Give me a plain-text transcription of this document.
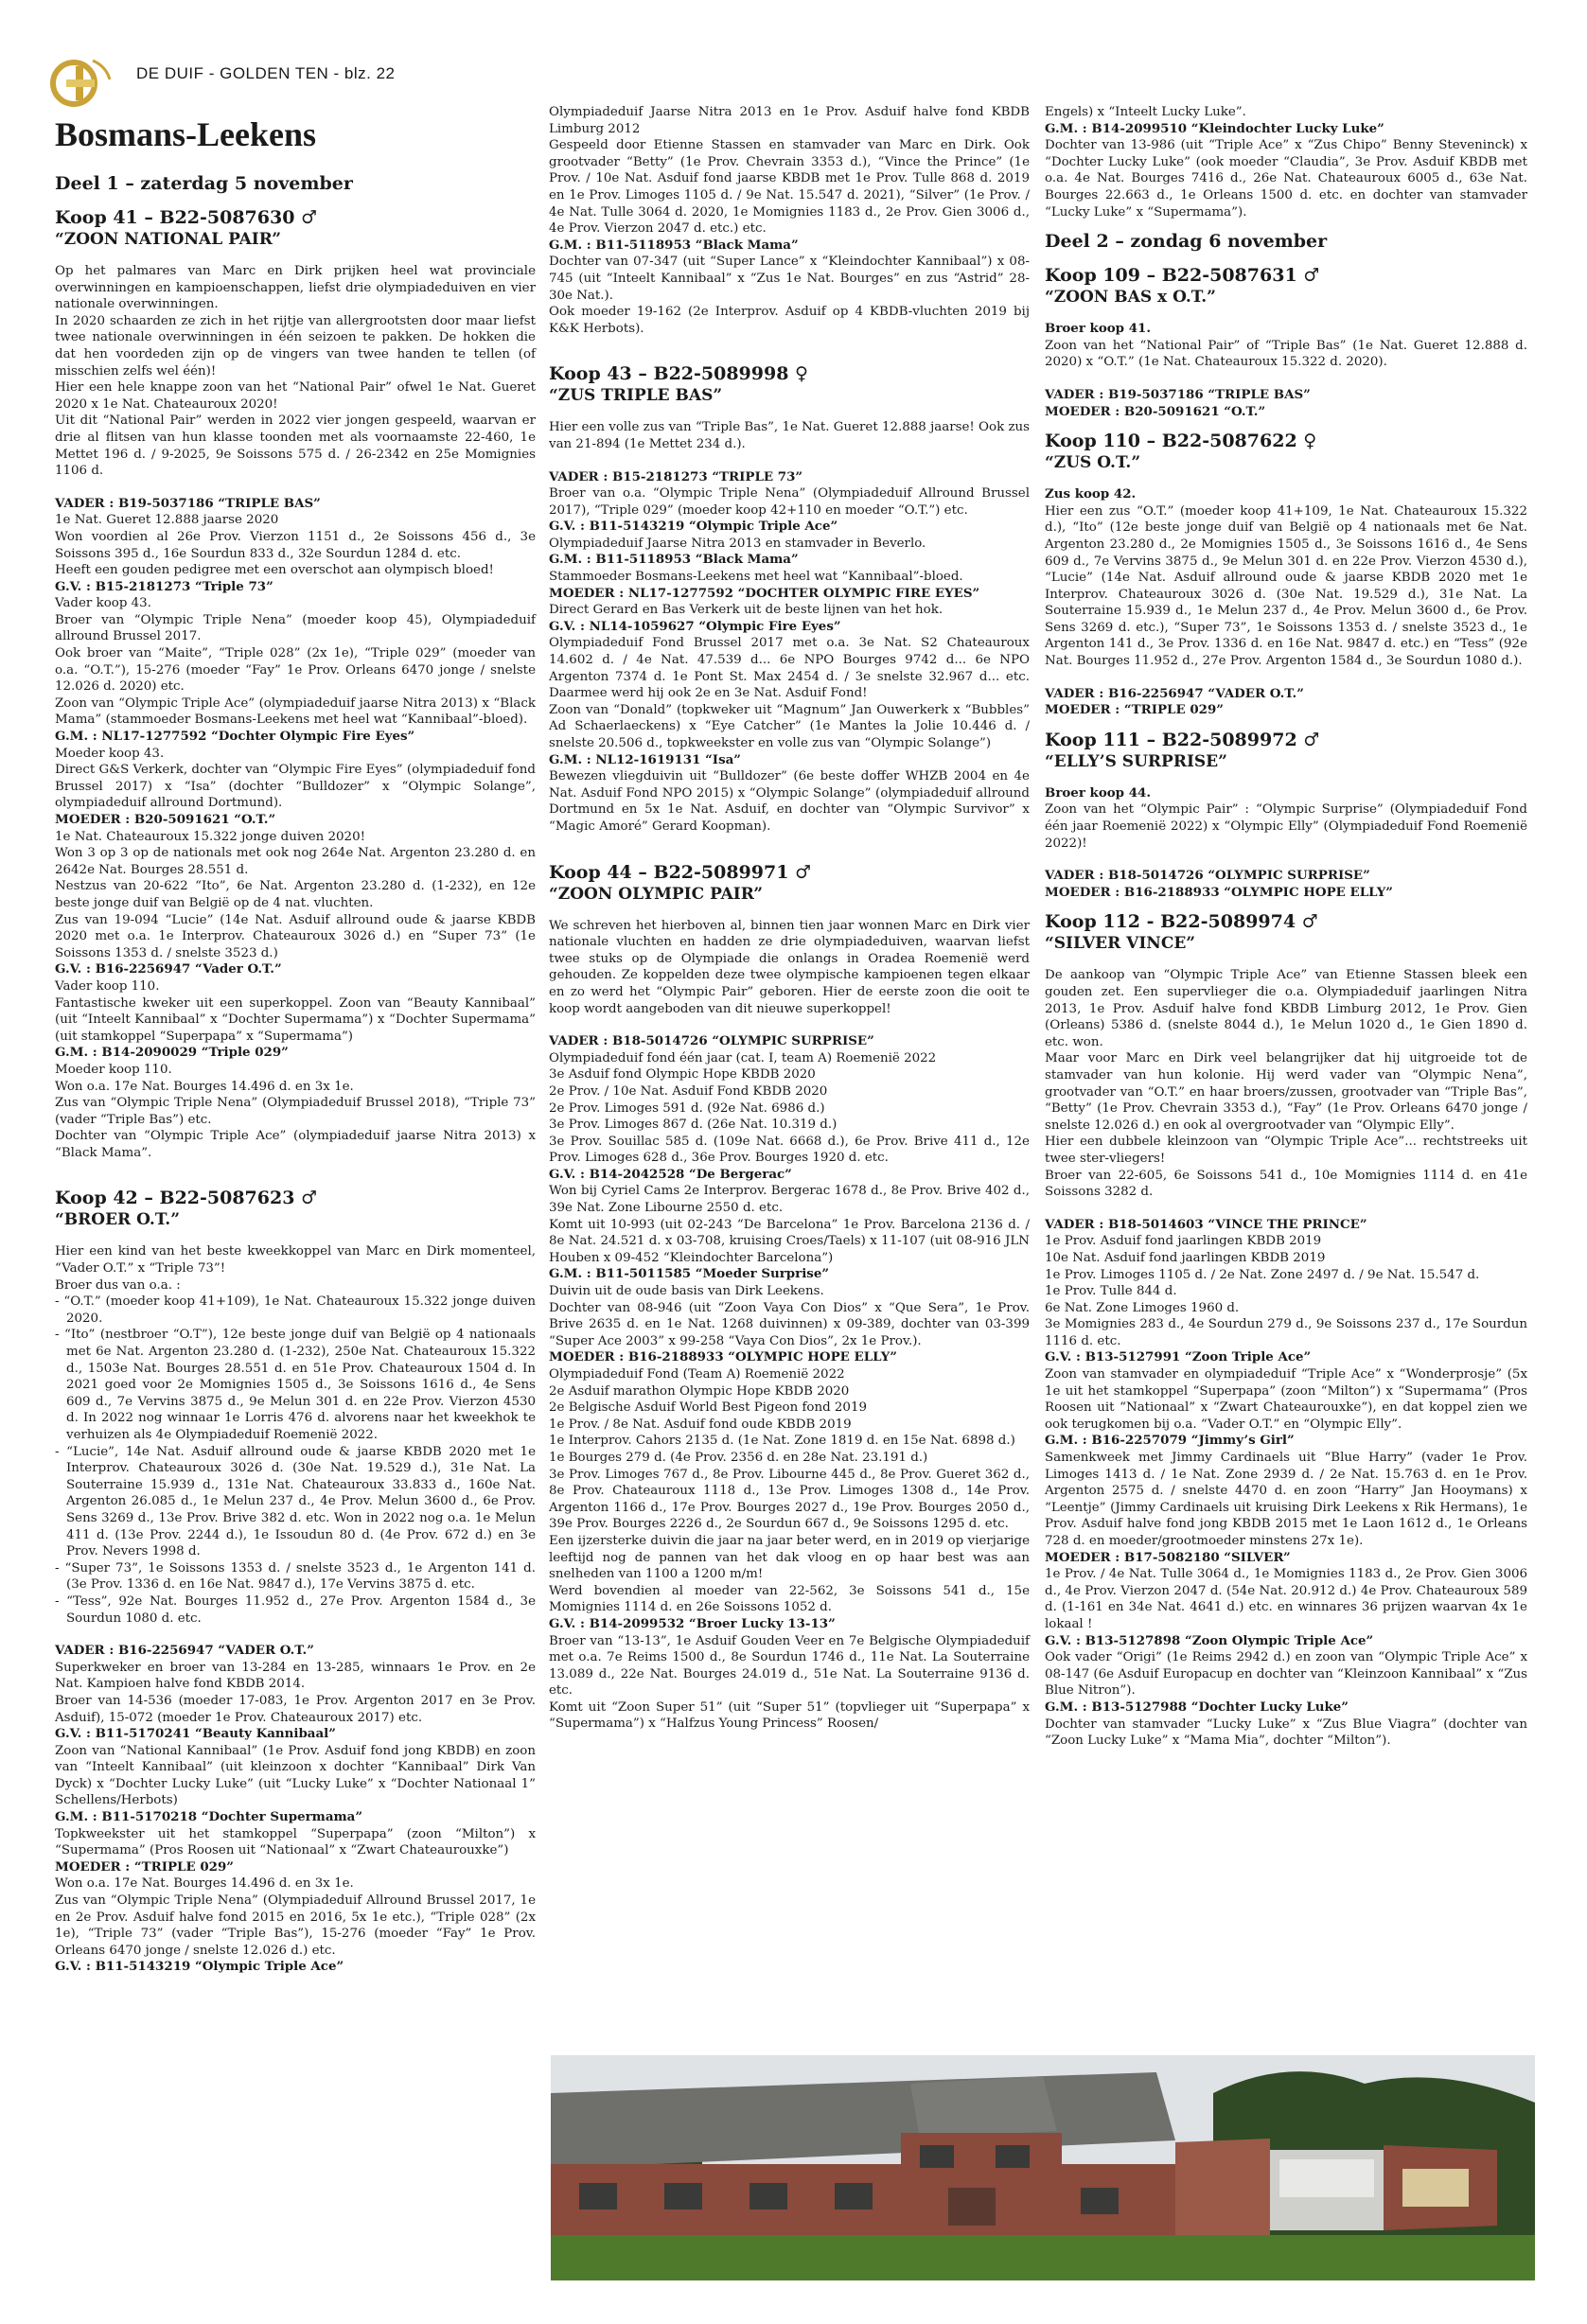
DE DUIF - GOLDEN TEN - blz. 22
Bosmans-Leekens
Deel 1 – zaterdag 5 november
Koop 41 – B22-5087630 ♂
“ZOON NATIONAL PAIR”
Op het palmares van Marc en Dirk prijken heel wat provinciale overwinningen en kampioenschappen, liefst drie olympiadeduiven en vier nationale overwinningen.
In 2020 schaarden ze zich in het rijtje van allergrootsten door maar liefst twee nationale overwinningen in één seizoen te pakken. De hokken die dat hen voordeden zijn op de vingers van twee handen te tellen (of misschien zelfs wel één)!
Hier een hele knappe zoon van het “National Pair” ofwel 1e Nat. Gueret 2020 x 1e Nat. Chateauroux 2020!
Uit dit “National Pair” werden in 2022 vier jongen gespeeld, waarvan er drie al flitsen van hun klasse toonden met als voornaamste 22-460, 1e Mettet 196 d. / 9-2025, 9e Soissons 575 d. / 26-2342 en 25e Momignies 1106 d.
VADER : B19-5037186 “TRIPLE BAS”
1e Nat. Gueret 12.888 jaarse 2020
Won voordien al 26e Prov. Vierzon 1151 d., 2e Soissons 456 d., 3e Soissons 395 d., 16e Sourdun 833 d., 32e Sourdun 1284 d. etc.
Heeft een gouden pedigree met een overschot aan olympisch bloed!
G.V. : B15-2181273 “Triple 73”
Vader koop 43.
Broer van “Olympic Triple Nena” (moeder koop 45), Olympiadeduif allround Brussel 2017.
Ook broer van “Maite”, “Triple 028” (2x 1e), “Triple 029” (moeder van o.a. “O.T.”), 15-276 (moeder “Fay” 1e Prov. Orleans 6470 jonge / snelste 12.026 d. 2020) etc.
Zoon van “Olympic Triple Ace” (olympiadeduif jaarse Nitra 2013) x “Black Mama” (stammoeder Bosmans-Leekens met heel wat “Kannibaal”-bloed).
G.M. : NL17-1277592 “Dochter Olympic Fire Eyes”
Moeder koop 43.
Direct G&S Verkerk, dochter van “Olympic Fire Eyes” (olympiadeduif fond Brussel 2017) x “Isa” (dochter “Bulldozer” x “Olympic Solange”, olympiadeduif allround Dortmund).
MOEDER : B20-5091621 “O.T.”
1e Nat. Chateauroux 15.322 jonge duiven 2020!
Won 3 op 3 op de nationals met ook nog 264e Nat. Argenton 23.280 d. en 2642e Nat. Bourges 28.551 d.
Nestzus van 20-622 “Ito”, 6e Nat. Argenton 23.280 d. (1-232), en 12e beste jonge duif van België op de 4 nat. vluchten.
Zus van 19-094 “Lucie” (14e Nat. Asduif allround oude & jaarse KBDB 2020 met o.a. 1e Interprov. Chateauroux 3026 d.) en “Super 73” (1e Soissons 1353 d. / snelste 3523 d.)
G.V. : B16-2256947 “Vader O.T.”
Vader koop 110.
Fantastische kweker uit een superkoppel. Zoon van “Beauty Kannibaal” (uit “Inteelt Kannibaal” x “Dochter Supermama”) x “Dochter Supermama” (uit stamkoppel “Superpapa” x “Supermama”)
G.M. : B14-2090029 “Triple 029”
Moeder koop 110.
Won o.a. 17e Nat. Bourges 14.496 d. en 3x 1e.
Zus van “Olympic Triple Nena” (Olympiadeduif Brussel 2018), “Triple 73” (vader “Triple Bas”) etc.
Dochter van “Olympic Triple Ace” (olympiadeduif jaarse Nitra 2013) x “Black Mama”.
Koop 42 – B22-5087623 ♂
“BROER O.T.”
Hier een kind van het beste kweekkoppel van Marc en Dirk momenteel, “Vader O.T.” x “Triple 73”!
Broer dus van o.a. :
- “O.T.” (moeder koop 41+109), 1e Nat. Chateauroux 15.322 jonge duiven 2020.
- “Ito” (nestbroer “O.T”), 12e beste jonge duif van België op 4 nationaals met 6e Nat. Argenton 23.280 d. (1-232), 250e Nat. Chateauroux 15.322 d., 1503e Nat. Bourges 28.551 d. en 51e Prov. Chateauroux 1504 d. In 2021 goed voor 2e Momignies 1505 d., 3e Soissons 1616 d., 4e Sens 609 d., 7e Vervins 3875 d., 9e Melun 301 d. en 22e Prov. Vierzon 4530 d. In 2022 nog winnaar 1e Lorris 476 d. alvorens naar het kweekhok te verhuizen als 4e Olympiadeduif Roemenië 2022.
- “Lucie”, 14e Nat. Asduif allround oude & jaarse KBDB 2020 met 1e Interprov. Chateauroux 3026 d. (30e Nat. 19.529 d.), 31e Nat. La Souterraine 15.939 d., 131e Nat. Chateauroux 33.833 d., 160e Nat. Argenton 26.085 d., 1e Melun 237 d., 4e Prov. Melun 3600 d., 6e Prov. Sens 3269 d., 13e Prov. Brive 382 d. etc. Won in 2022 nog o.a. 1e Melun 411 d. (13e Prov. 2244 d.), 1e Issoudun 80 d. (4e Prov. 672 d.) en 3e Prov. Nevers 1998 d.
- “Super 73”, 1e Soissons 1353 d. / snelste 3523 d., 1e Argenton 141 d. (3e Prov. 1336 d. en 16e Nat. 9847 d.), 17e Vervins 3875 d. etc.
- “Tess”, 92e Nat. Bourges 11.952 d., 27e Prov. Argenton 1584 d., 3e Sourdun 1080 d. etc.
VADER : B16-2256947 “VADER O.T.”
Superkweker en broer van 13-284 en 13-285, winnaars 1e Prov. en 2e Nat. Kampioen halve fond KBDB 2014.
Broer van 14-536 (moeder 17-083, 1e Prov. Argenton 2017 en 3e Prov. Asduif), 15-072 (moeder 1e Prov. Chateauroux 2017) etc.
G.V. : B11-5170241 “Beauty Kannibaal”
Zoon van “National Kannibaal” (1e Prov. Asduif fond jong KBDB) en zoon van “Inteelt Kannibaal” (uit kleinzoon x dochter “Kannibaal” Dirk Van Dyck) x “Dochter Lucky Luke” (uit “Lucky Luke” x “Dochter Nationaal 1” Schellens/Herbots)
G.M. : B11-5170218 “Dochter Supermama”
Topkweekster uit het stamkoppel “Superpapa” (zoon “Milton”) x “Supermama” (Pros Roosen uit “Nationaal” x “Zwart Chateaurouxke”)
MOEDER : “TRIPLE 029”
Won o.a. 17e Nat. Bourges 14.496 d. en 3x 1e.
Zus van “Olympic Triple Nena” (Olympiadeduif Allround Brussel 2017, 1e en 2e Prov. Asduif halve fond 2015 en 2016, 5x 1e etc.), “Triple 028” (2x 1e), “Triple 73” (vader “Triple Bas”), 15-276 (moeder “Fay” 1e Prov. Orleans 6470 jonge / snelste 12.026 d.) etc.
G.V. : B11-5143219 “Olympic Triple Ace”
Olympiadeduif Jaarse Nitra 2013 en 1e Prov. Asduif halve fond KBDB Limburg 2012
Gespeeld door Etienne Stassen en stamvader van Marc en Dirk. Ook grootvader “Betty” (1e Prov. Chevrain 3353 d.), “Vince the Prince” (1e Prov. / 10e Nat. Asduif fond jaarse KBDB met 1e Prov. Tulle 868 d. 2019 en 1e Prov. Limoges 1105 d. / 9e Nat. 15.547 d. 2021), “Silver” (1e Prov. / 4e Nat. Tulle 3064 d. 2020, 1e Momignies 1183 d., 2e Prov. Gien 3006 d., 4e Prov. Vierzon 2047 d. etc.) etc.
G.M. : B11-5118953 “Black Mama”
Dochter van 07-347 (uit “Super Lance” x “Kleindochter Kannibaal”) x 08-745 (uit “Inteelt Kannibaal” x “Zus 1e Nat. Bourges” en zus “Astrid” 28-30e Nat.).
Ook moeder 19-162 (2e Interprov. Asduif op 4 KBDB-vluchten 2019 bij K&K Herbots).
Koop 43 – B22-5089998 ♀
“ZUS TRIPLE BAS”
Hier een volle zus van “Triple Bas”, 1e Nat. Gueret 12.888 jaarse! Ook zus van 21-894 (1e Mettet 234 d.).
VADER : B15-2181273 “TRIPLE 73”
Broer van o.a. “Olympic Triple Nena” (Olympiadeduif Allround Brussel 2017), “Triple 029” (moeder koop 42+110 en moeder “O.T.”) etc.
G.V. : B11-5143219 “Olympic Triple Ace”
Olympiadeduif Jaarse Nitra 2013 en stamvader in Beverlo.
G.M. : B11-5118953 “Black Mama”
Stammoeder Bosmans-Leekens met heel wat “Kannibaal”-bloed.
MOEDER : NL17-1277592 “DOCHTER OLYMPIC FIRE EYES”
Direct Gerard en Bas Verkerk uit de beste lijnen van het hok.
G.V. : NL14-1059627 “Olympic Fire Eyes”
Olympiadeduif Fond Brussel 2017 met o.a. 3e Nat. S2 Chateauroux 14.602 d. / 4e Nat. 47.539 d... 6e NPO Bourges 9742 d... 6e NPO Argenton 7374 d. 1e Pont St. Max 2454 d. / 3e snelste 32.967 d... etc. Daarmee werd hij ook 2e en 3e Nat. Asduif Fond!
Zoon van “Donald” (topkweker uit “Magnum” Jan Ouwerkerk x “Bubbles” Ad Schaerlaeckens) x “Eye Catcher” (1e Mantes la Jolie 10.446 d. / snelste 20.506 d., topkweekster en volle zus van “Olympic Solange”)
G.M. : NL12-1619131 “Isa”
Bewezen vliegduivin uit “Bulldozer” (6e beste doffer WHZB 2004 en 4e Nat. Asduif Fond NPO 2015) x “Olympic Solange” (olympiadeduif allround Dortmund en 5x 1e Nat. Asduif, en dochter van “Olympic Survivor” x “Magic Amoré” Gerard Koopman).
Koop 44 – B22-5089971 ♂
“ZOON OLYMPIC PAIR”
We schreven het hierboven al, binnen tien jaar wonnen Marc en Dirk vier nationale vluchten en hadden ze drie olympiadeduiven, waarvan liefst twee stuks op de Olympiade die onlangs in Oradea Roemenië werd gehouden. Ze koppelden deze twee olympische kampioenen tegen elkaar en zo werd het “Olympic Pair” geboren. Hier de eerste zoon die ooit te koop wordt aangeboden van dit nieuwe superkoppel!
VADER : B18-5014726 “OLYMPIC SURPRISE”
Olympiadeduif fond één jaar (cat. I, team A) Roemenië 2022
3e Asduif fond Olympic Hope KBDB 2020
2e Prov. / 10e Nat. Asduif Fond KBDB 2020
2e Prov. Limoges 591 d. (92e Nat. 6986 d.)
3e Prov. Limoges 867 d. (26e Nat. 10.319 d.)
3e Prov. Souillac 585 d. (109e Nat. 6668 d.), 6e Prov. Brive 411 d., 12e Prov. Limoges 628 d., 36e Prov. Bourges 1920 d. etc.
G.V. : B14-2042528 “De Bergerac”
Won bij Cyriel Cams 2e Interprov. Bergerac 1678 d., 8e Prov. Brive 402 d., 39e Nat. Zone Libourne 2550 d. etc.
Komt uit 10-993 (uit 02-243 “De Barcelona” 1e Prov. Barcelona 2136 d. / 8e Nat. 24.521 d. x 03-708, kruising Croes/Taels) x 11-107 (uit 08-916 JLN Houben x 09-452 “Kleindochter Barcelona”)
G.M. : B11-5011585 “Moeder Surprise”
Duivin uit de oude basis van Dirk Leekens.
Dochter van 08-946 (uit “Zoon Vaya Con Dios” x “Que Sera”, 1e Prov. Brive 2635 d. en 1e Nat. 1268 duivinnen) x 09-389, dochter van 03-399 “Super Ace 2003” x 99-258 “Vaya Con Dios”, 2x 1e Prov.).
MOEDER : B16-2188933 “OLYMPIC HOPE ELLY”
Olympiadeduif Fond (Team A) Roemenië 2022
2e Asduif marathon Olympic Hope KBDB 2020
2e Belgische Asduif World Best Pigeon fond 2019
1e Prov. / 8e Nat. Asduif fond oude KBDB 2019
1e Interprov. Cahors 2135 d. (1e Nat. Zone 1819 d. en 15e Nat. 6898 d.)
1e Bourges 279 d. (4e Prov. 2356 d. en 28e Nat. 23.191 d.)
3e Prov. Limoges 767 d., 8e Prov. Libourne 445 d., 8e Prov. Gueret 362 d., 8e Prov. Chateauroux 1118 d., 13e Prov. Limoges 1308 d., 14e Prov. Argenton 1166 d., 17e Prov. Bourges 2027 d., 19e Prov. Bourges 2050 d., 39e Prov. Bourges 2226 d., 2e Sourdun 667 d., 9e Soissons 1295 d. etc.
Een ijzersterke duivin die jaar na jaar beter werd, en in 2019 op vierjarige leeftijd nog de pannen van het dak vloog en op haar best was aan snelheden van 1100 a 1200 m/m!
Werd bovendien al moeder van 22-562, 3e Soissons 541 d., 15e Momignies 1114 d. en 26e Soissons 1052 d.
G.V. : B14-2099532 “Broer Lucky 13-13”
Broer van “13-13”, 1e Asduif Gouden Veer en 7e Belgische Olympiadeduif met o.a. 7e Reims 1500 d., 8e Sourdun 1746 d., 11e Nat. La Souterraine 13.089 d., 22e Nat. Bourges 24.019 d., 51e Nat. La Souterraine 9136 d. etc.
Komt uit “Zoon Super 51” (uit “Super 51” (topvlieger uit “Superpapa” x “Supermama”) x “Halfzus Young Princess” Roosen/
Engels) x “Inteelt Lucky Luke”.
G.M. : B14-2099510 “Kleindochter Lucky Luke”
Dochter van 13-986 (uit “Triple Ace” x “Zus Chipo” Benny Steveninck) x “Dochter Lucky Luke” (ook moeder “Claudia”, 3e Prov. Asduif KBDB met o.a. 4e Nat. Bourges 7416 d., 26e Nat. Chateauroux 6005 d., 63e Nat. Bourges 22.663 d., 1e Orleans 1500 d. etc. en dochter van stamvader “Lucky Luke” x “Supermama”).
Deel 2 – zondag 6 november
Koop 109 – B22-5087631 ♂
“ZOON BAS x O.T.”
Broer koop 41.
Zoon van het “National Pair” of “Triple Bas” (1e Nat. Gueret 12.888 d. 2020) x “O.T.” (1e Nat. Chateauroux 15.322 d. 2020).
VADER : B19-5037186 “TRIPLE BAS”
MOEDER : B20-5091621 “O.T.”
Koop 110 – B22-5087622 ♀
“ZUS O.T.”
Zus koop 42.
Hier een zus “O.T.” (moeder koop 41+109, 1e Nat. Chateauroux 15.322 d.), “Ito” (12e beste jonge duif van België op 4 nationaals met 6e Nat. Argenton 23.280 d., 2e Momignies 1505 d., 3e Soissons 1616 d., 4e Sens 609 d., 7e Vervins 3875 d., 9e Melun 301 d. en 22e Prov. Vierzon 4530 d.), “Lucie” (14e Nat. Asduif allround oude & jaarse KBDB 2020 met 1e Interprov. Chateauroux 3026 d. (30e Nat. 19.529 d.), 31e Nat. La Souterraine 15.939 d., 1e Melun 237 d., 4e Prov. Melun 3600 d., 6e Prov. Sens 3269 d. etc.), “Super 73”, 1e Soissons 1353 d. / snelste 3523 d., 1e Argenton 141 d., 3e Prov. 1336 d. en 16e Nat. 9847 d. etc.) en “Tess” (92e Nat. Bourges 11.952 d., 27e Prov. Argenton 1584 d., 3e Sourdun 1080 d.).
VADER : B16-2256947 “VADER O.T.”
MOEDER : “TRIPLE 029”
Koop 111 – B22-5089972 ♂
“ELLY’S SURPRISE”
Broer koop 44.
Zoon van het “Olympic Pair” : “Olympic Surprise” (Olympiadeduif Fond één jaar Roemenië 2022) x “Olympic Elly” (Olympiadeduif Fond Roemenië 2022)!
VADER : B18-5014726 “OLYMPIC SURPRISE”
MOEDER : B16-2188933 “OLYMPIC HOPE ELLY”
Koop 112 - B22-5089974 ♂
“SILVER VINCE”
De aankoop van “Olympic Triple Ace” van Etienne Stassen bleek een gouden zet. Een supervlieger die o.a. Olympiadeduif jaarlingen Nitra 2013, 1e Prov. Asduif halve fond KBDB Limburg 2012, 1e Prov. Gien (Orleans) 5386 d. (snelste 8044 d.), 1e Melun 1020 d., 1e Gien 1890 d. etc. won.
Maar voor Marc en Dirk veel belangrijker dat hij uitgroeide tot de stamvader van hun kolonie. Hij werd vader van “Olympic Nena”, grootvader van “O.T.” en haar broers/zussen, grootvader van “Triple Bas”, “Betty” (1e Prov. Chevrain 3353 d.), “Fay” (1e Prov. Orleans 6470 jonge / snelste 12.026 d.) en ook al overgrootvader van “Olympic Elly”.
Hier een dubbele kleinzoon van “Olympic Triple Ace”... rechtstreeks uit twee ster-vliegers!
Broer van 22-605, 6e Soissons 541 d., 10e Momignies 1114 d. en 41e Soissons 3282 d.
VADER : B18-5014603 “VINCE THE PRINCE”
1e Prov. Asduif fond jaarlingen KBDB 2019
10e Nat. Asduif fond jaarlingen KBDB 2019
1e Prov. Limoges 1105 d. / 2e Nat. Zone 2497 d. / 9e Nat. 15.547 d.
1e Prov. Tulle 844 d.
6e Nat. Zone Limoges 1960 d.
3e Momignies 283 d., 4e Sourdun 279 d., 9e Soissons 237 d., 17e Sourdun 1116 d. etc.
G.V. : B13-5127991 “Zoon Triple Ace”
Zoon van stamvader en olympiadeduif “Triple Ace” x “Wonderprosje” (5x 1e uit het stamkoppel “Superpapa” (zoon “Milton”) x “Supermama” (Pros Roosen uit “Nationaal” x “Zwart Chateaurouxke”), en dat koppel zien we ook terugkomen bij o.a. “Vader O.T.” en “Olympic Elly”.
G.M. : B16-2257079 “Jimmy’s Girl”
Samenkweek met Jimmy Cardinaels uit “Blue Harry” (vader 1e Prov. Limoges 1413 d. / 1e Nat. Zone 2939 d. / 2e Nat. 15.763 d. en 1e Prov. Argenton 2575 d. / snelste 4470 d. en zoon “Harry” Jan Hooymans) x “Leentje” (Jimmy Cardinaels uit kruising Dirk Leekens x Rik Hermans), 1e Prov. Asduif halve fond jong KBDB 2015 met 1e Laon 1612 d., 1e Orleans 728 d. en moeder/grootmoeder minstens 27x 1e).
MOEDER : B17-5082180 “SILVER”
1e Prov. / 4e Nat. Tulle 3064 d., 1e Momignies 1183 d., 2e Prov. Gien 3006 d., 4e Prov. Vierzon 2047 d. (54e Nat. 20.912 d.) 4e Prov. Chateauroux 589 d. (1-161 en 34e Nat. 4641 d.) etc. en winnares 36 prijzen waarvan 4x 1e lokaal !
G.V. : B13-5127898 “Zoon Olympic Triple Ace”
Ook vader “Origi” (1e Reims 2942 d.) en zoon van “Olympic Triple Ace” x 08-147 (6e Asduif Europacup en dochter van “Kleinzoon Kannibaal” x “Zus Blue Nitron”).
G.M. : B13-5127988 “Dochter Lucky Luke”
Dochter van stamvader “Lucky Luke” x “Zus Blue Viagra” (dochter van “Zoon Lucky Luke” x “Mama Mia”, dochter “Milton”).
